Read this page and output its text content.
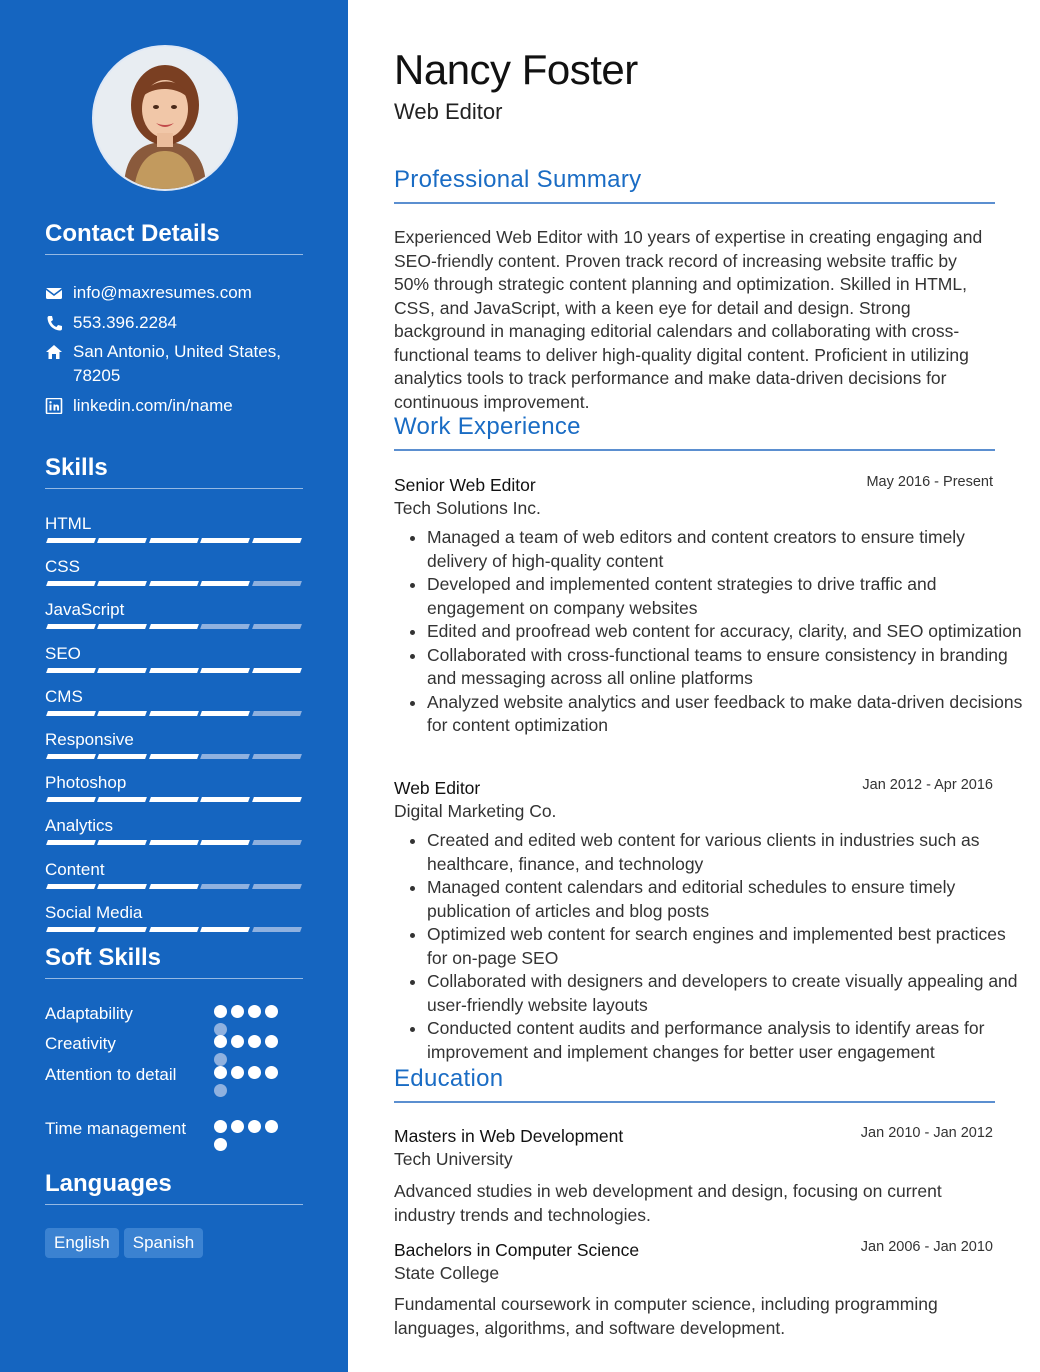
Contact Details
info@maxresumes.com
553.396.2284
San Antonio, United States, 78205
linkedin.com/in/name
Skills
HTML
CSS
JavaScript
SEO
CMS
Responsive
Photoshop
Analytics
Content
Social Media
Soft Skills
Adaptability
Creativity
Attention to detail
Time management
Languages
English Spanish
Nancy Foster
Web Editor
Professional Summary

Experienced Web Editor with 10 years of expertise in creating engaging and SEO-friendly content. Proven track record of increasing website traffic by 50% through strategic content planning and optimization. Skilled in HTML, CSS, and JavaScript, with a keen eye for detail and design. Strong background in managing editorial calendars and collaborating with cross-functional teams to deliver high-quality digital content. Proficient in utilizing analytics tools to track performance and make data-driven decisions for continuous improvement.

Work Experience
Senior Web Editor	May 2016 - Present
Tech Solutions Inc.
• Managed a team of web editors and content creators to ensure timely delivery of high-quality content
• Developed and implemented content strategies to drive traffic and engagement on company websites
• Edited and proofread web content for accuracy, clarity, and SEO optimization
• Collaborated with cross-functional teams to ensure consistency in branding and messaging across all online platforms
• Analyzed website analytics and user feedback to make data-driven decisions for content optimization
Web Editor	Jan 2012 - Apr 2016
Digital Marketing Co.
• Created and edited web content for various clients in industries such as healthcare, finance, and technology
• Managed content calendars and editorial schedules to ensure timely publication of articles and blog posts
• Optimized web content for search engines and implemented best practices for on-page SEO
• Collaborated with designers and developers to create visually appealing and user-friendly website layouts
• Conducted content audits and performance analysis to identify areas for improvement and implement changes for better user engagement
Education
Masters in Web Development	Jan 2010 - Jan 2012
Tech University

Advanced studies in web development and design, focusing on current industry trends and technologies.

Bachelors in Computer Science	Jan 2006 - Jan 2010
State College

Fundamental coursework in computer science, including programming languages, algorithms, and software development.
